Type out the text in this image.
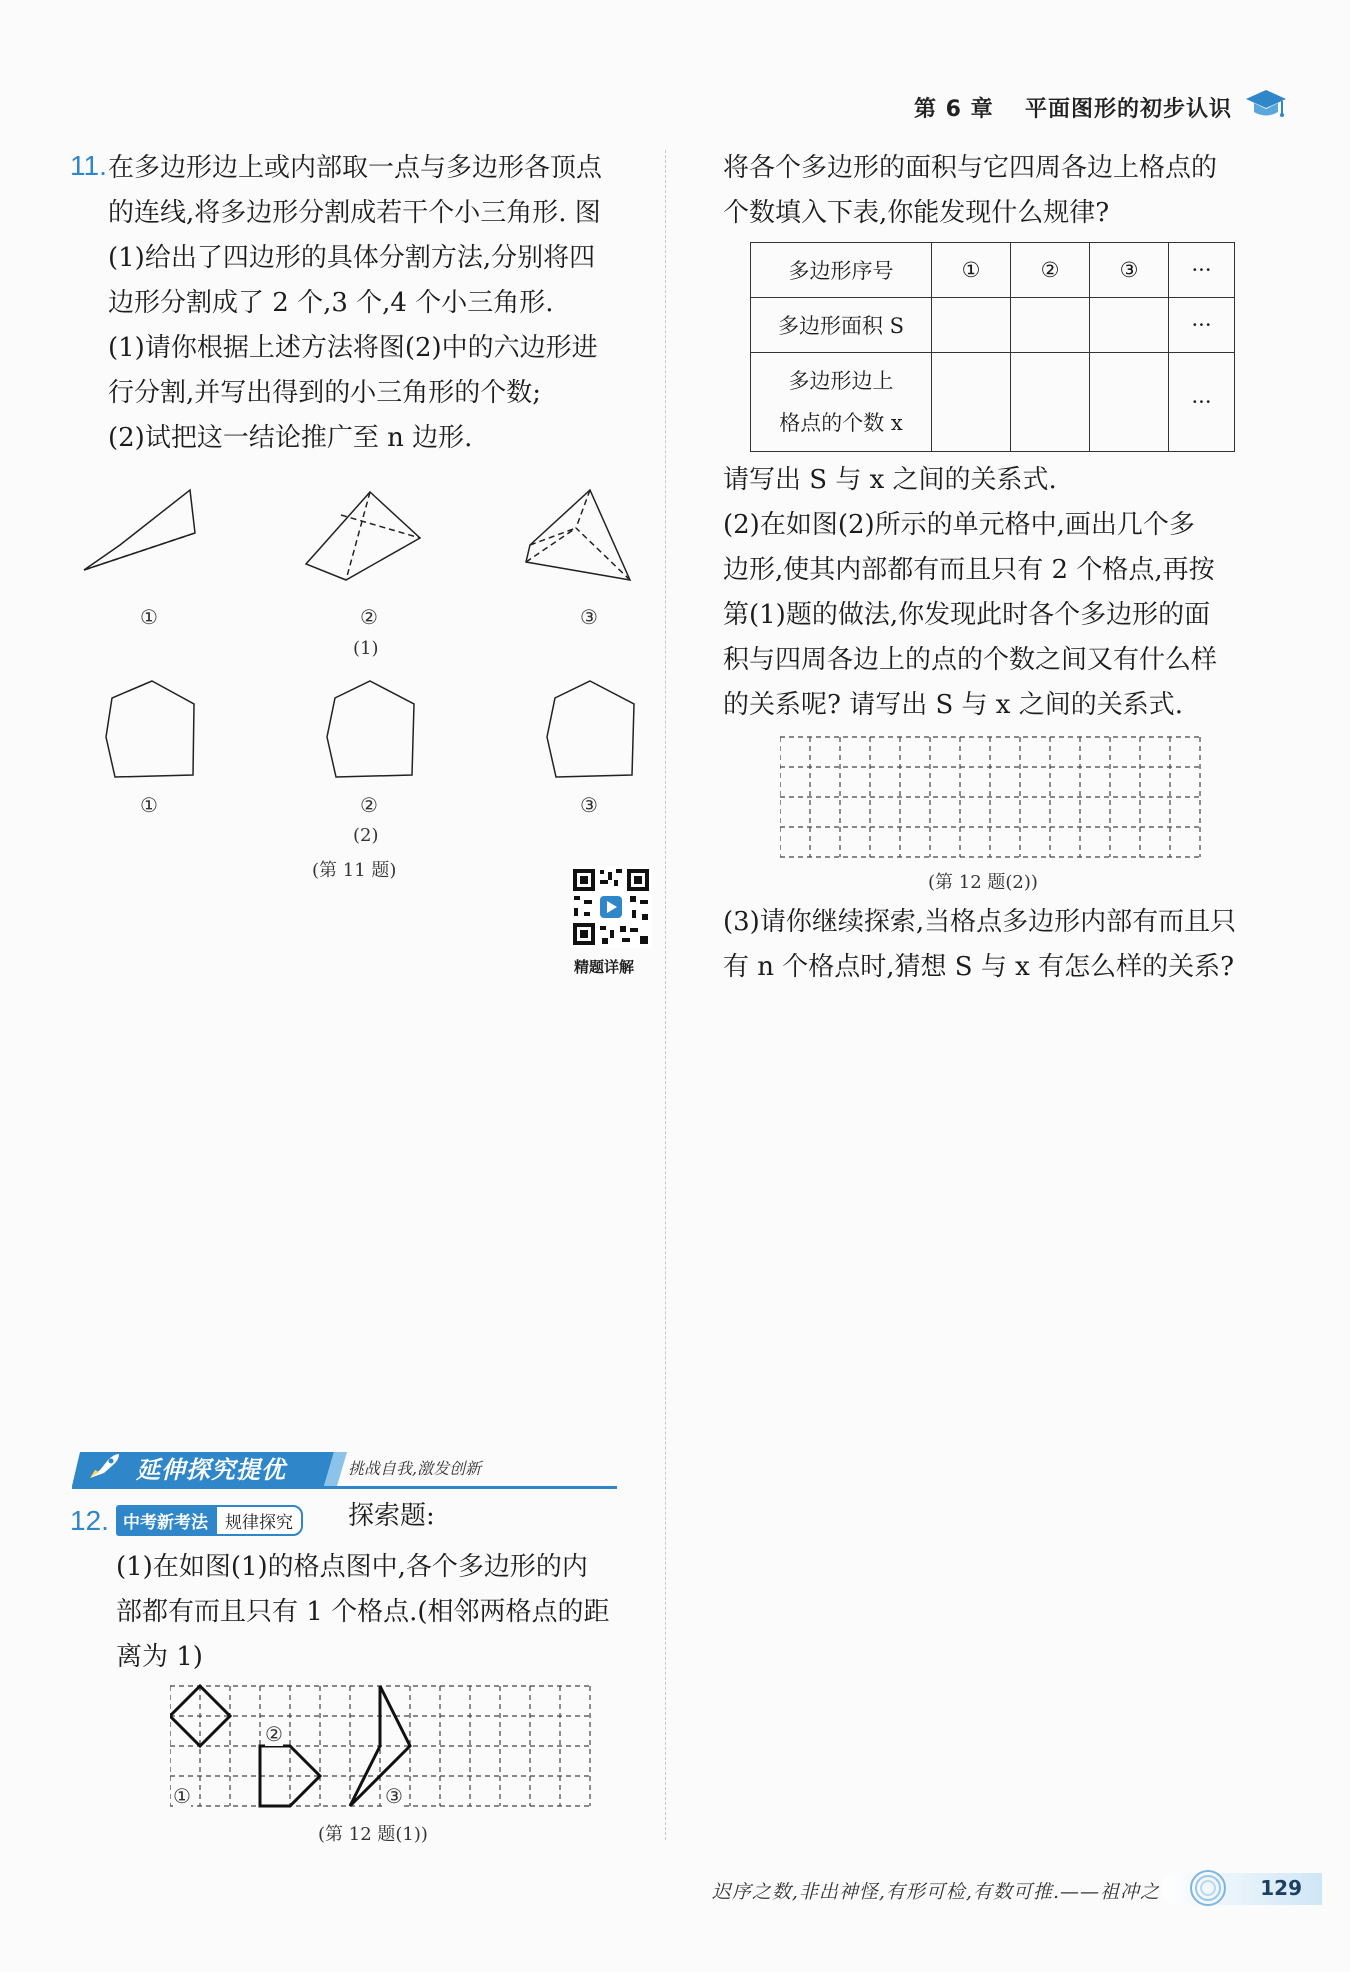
第 6 章 平面图形的初步认识
11. 在多边形边上或内部取一点与多边形各顶点
的连线,将多边形分割成若干个小三角形. 图
(1)给出了四边形的具体分割方法,分别将四
边形分割成了 2 个,3 个,4 个小三角形.
(1)请你根据上述方法将图(2)中的六边形进
行分割,并写出得到的小三角形的个数;
(2)试把这一结论推广至 n 边形.
①	②	③
(1)
①	②	③
(2)
(第 11 题)
精题详解
将各个多边形的面积与它四周各边上格点的
个数填入下表,你能发现什么规律?
多边形序号	①	②	③	···
多边形面积 S				···

多边形边上
格点的个数 x				···
请写出 S 与 x 之间的关系式.
(2)在如图(2)所示的单元格中,画出几个多
边形,使其内部都有而且只有 2 个格点,再按
第(1)题的做法,你发现此时各个多边形的面
积与四周各边上的点的个数之间又有什么样
的关系呢? 请写出 S 与 x 之间的关系式.
(第 12 题(2))
(3)请你继续探索,当格点多边形内部有而且只
有 n 个格点时,猜想 S 与 x 有怎么样的关系?
延伸探究提优	挑战自我,激发创新
12. 中考新考法	规律探究	探索题:
(1)在如图(1)的格点图中,各个多边形的内
部都有而且只有 1 个格点.(相邻两格点的距
离为 1)
①
②
③
(第 12 题(1))
迟序之数,非出神怪,有形可检,有数可推.——祖冲之	129
